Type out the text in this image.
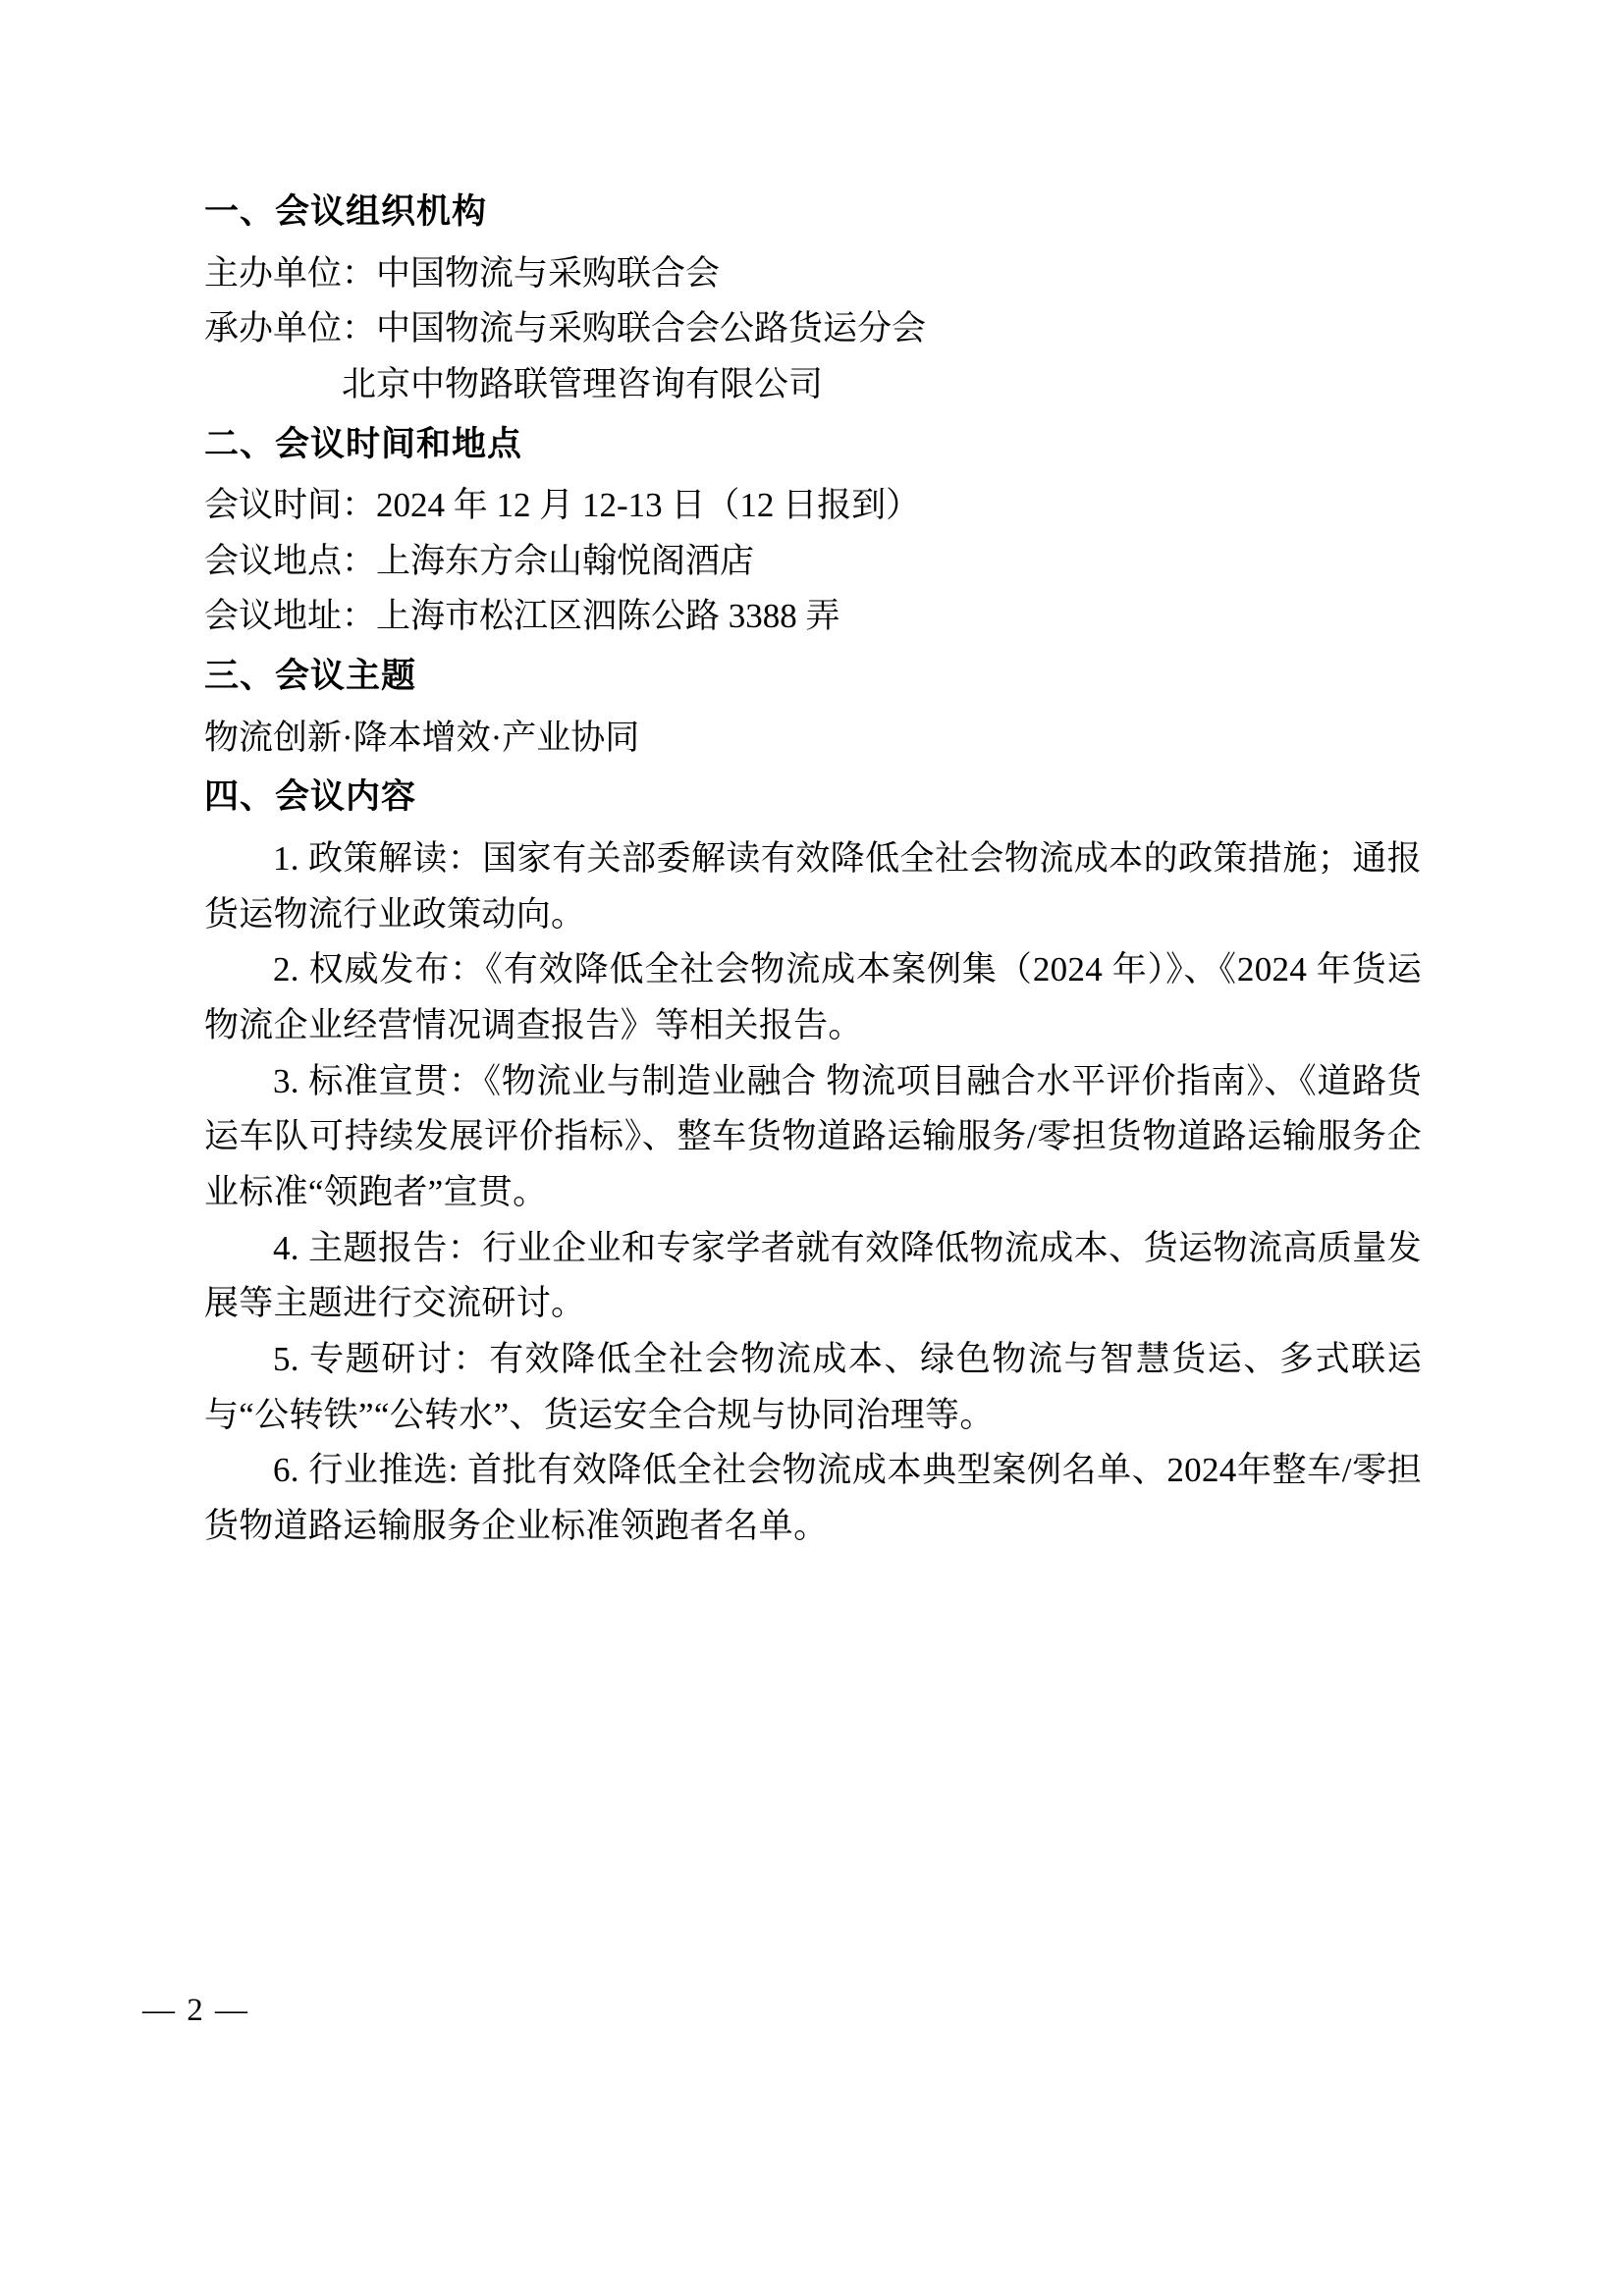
一、会议组织机构
主办单位：中国物流与采购联合会
承办单位：中国物流与采购联合会公路货运分会
北京中物路联管理咨询有限公司
二、会议时间和地点
会议时间：2024 年 12 月 12-13 日（12 日报到）
会议地点：上海东方佘山翰悦阁酒店
会议地址：上海市松江区泗陈公路 3388 弄
三、会议主题
物流创新·降本增效·产业协同
四、会议内容

1. 政策解读：国家有关部委解读有效降低全社会物流成本的政策措施；通报货运物流行业政策动向。

2. 权威发布：《有效降低全社会物流成本案例集（2024 年）》、《2024 年货运物流企业经营情况调查报告》等相关报告。

3. 标准宣贯：《物流业与制造业融合 物流项目融合水平评价指南》、《道路货运车队可持续发展评价指标》、整车货物道路运输服务/零担货物道路运输服务企业标准“领跑者”宣贯。

4. 主题报告：行业企业和专家学者就有效降低物流成本、货运物流高质量发展等主题进行交流研讨。

5. 专题研讨：有效降低全社会物流成本、绿色物流与智慧货运、多式联运与“公转铁”“公转水”、货运安全合规与协同治理等。

6. 行业推选: 首批有效降低全社会物流成本典型案例名单、2024年整车/零担货物道路运输服务企业标准领跑者名单。

— 2 —
